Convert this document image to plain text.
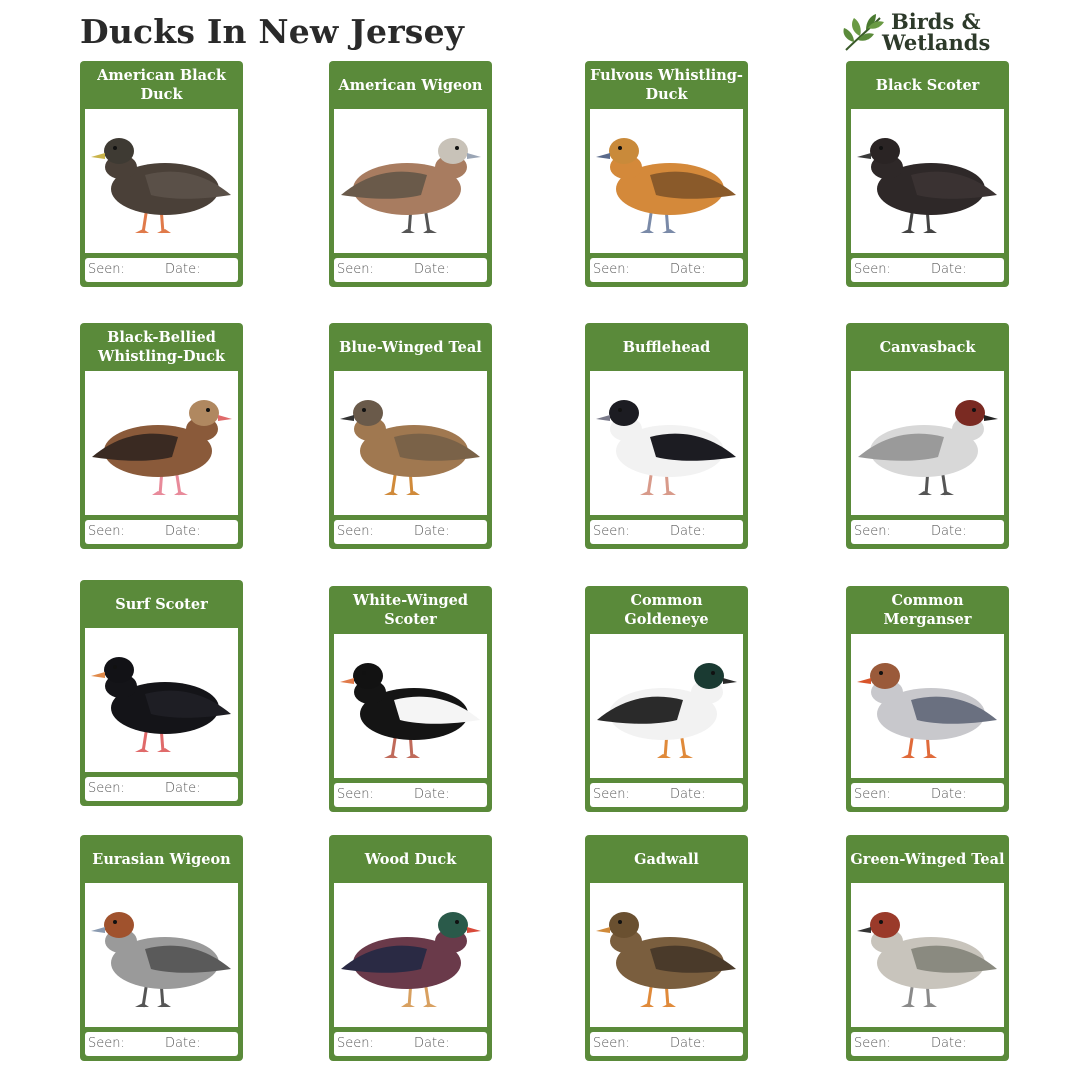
Ducks In New Jersey	Birds &
Wetlands
American Black Duck
Seen:	Date:
American Wigeon
Seen:	Date:
Fulvous Whistling-Duck
Seen:	Date:
Black Scoter
Seen:	Date:
Black-Bellied Whistling-Duck
Seen:	Date:
Blue-Winged Teal
Seen:	Date:
Bufflehead
Seen:	Date:
Canvasback
Seen:	Date:
Surf Scoter
Seen:	Date:
White-Winged Scoter
Seen:	Date:
Common Goldeneye
Seen:	Date:
Common Merganser
Seen:	Date:
Eurasian Wigeon
Seen:	Date:
Wood Duck
Seen:	Date:
Gadwall
Seen:	Date:
Green-Winged Teal
Seen:	Date:
